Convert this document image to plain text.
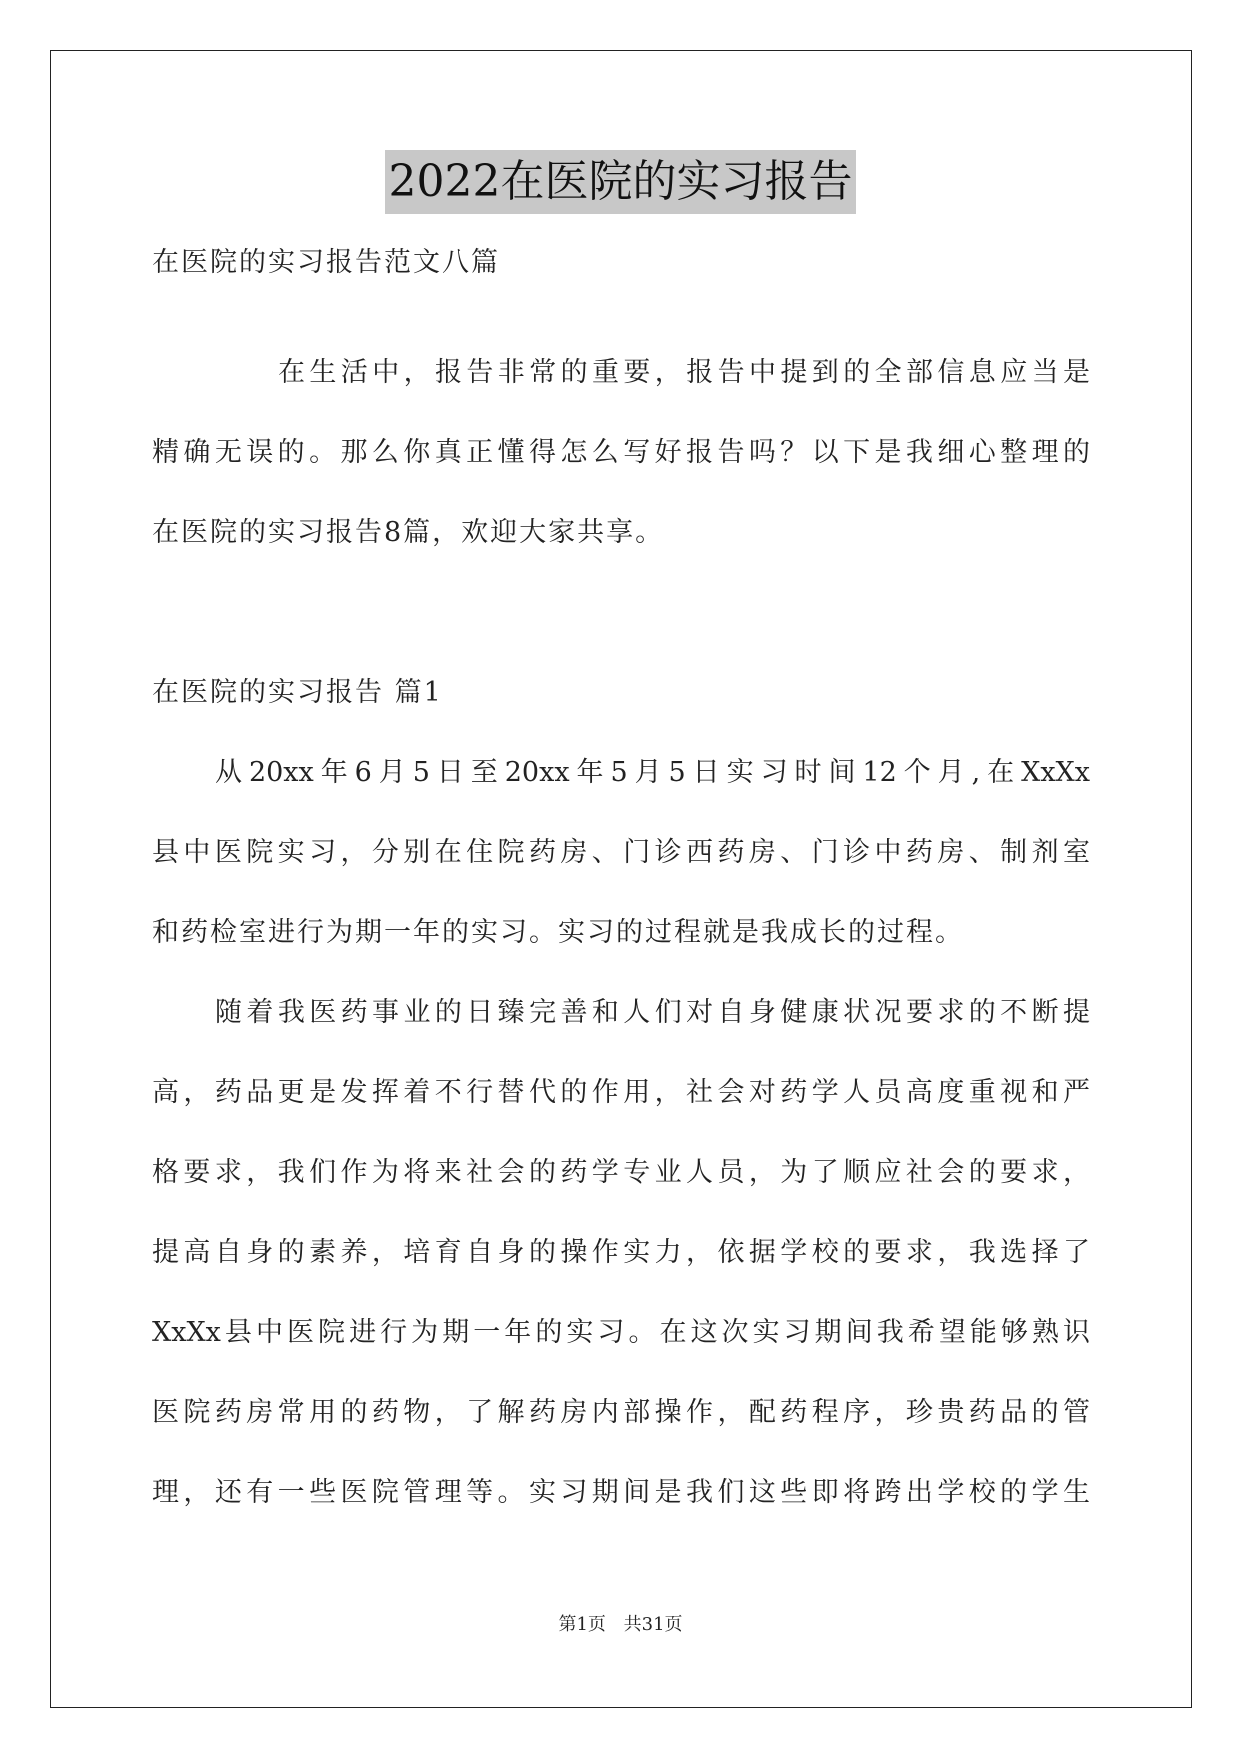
2022在医院的实习报告
在医院的实习报告范文八篇
在生活中，报告非常的重要，报告中提到的全部信息应当是
精确无误的。那么你真正懂得怎么写好报告吗？以下是我细心整理的
在医院的实习报告8篇，欢迎大家共享。
在医院的实习报告 篇1
从20xx年6月5日至20xx年5月5日实习时间12个月,在XxXx
县中医院实习，分别在住院药房、门诊西药房、门诊中药房、制剂室
和药检室进行为期一年的实习。实习的过程就是我成长的过程。
随着我医药事业的日臻完善和人们对自身健康状况要求的不断提
高，药品更是发挥着不行替代的作用，社会对药学人员高度重视和严
格要求，我们作为将来社会的药学专业人员，为了顺应社会的要求，
提高自身的素养，培育自身的操作实力，依据学校的要求，我选择了
XxXx县中医院进行为期一年的实习。在这次实习期间我希望能够熟识
医院药房常用的药物，了解药房内部操作，配药程序，珍贵药品的管
理，还有一些医院管理等。实习期间是我们这些即将跨出学校的学生
第1页 共31页
